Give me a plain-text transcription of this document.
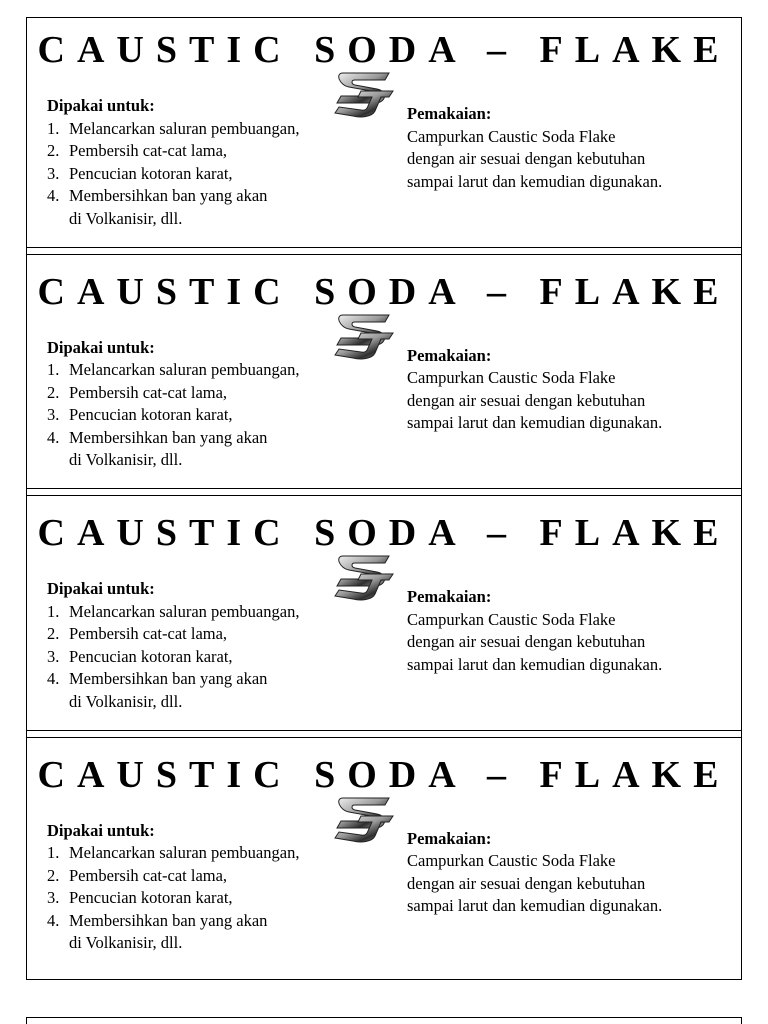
CAUSTIC SODA – FLAKE
Dipakai untuk:
1. Melancarkan saluran pembuangan,
2. Pembersih cat-cat lama,
3. Pencucian kotoran karat,
4. Membersihkan ban yang akan
di Volkanisir, dll.
Pemakaian:
Campurkan Caustic Soda Flake
dengan air sesuai dengan kebutuhan
sampai larut dan kemudian digunakan.
CAUSTIC SODA – FLAKE
Dipakai untuk:
1. Melancarkan saluran pembuangan,
2. Pembersih cat-cat lama,
3. Pencucian kotoran karat,
4. Membersihkan ban yang akan
di Volkanisir, dll.
Pemakaian:
Campurkan Caustic Soda Flake
dengan air sesuai dengan kebutuhan
sampai larut dan kemudian digunakan.
CAUSTIC SODA – FLAKE
Dipakai untuk:
1. Melancarkan saluran pembuangan,
2. Pembersih cat-cat lama,
3. Pencucian kotoran karat,
4. Membersihkan ban yang akan
di Volkanisir, dll.
Pemakaian:
Campurkan Caustic Soda Flake
dengan air sesuai dengan kebutuhan
sampai larut dan kemudian digunakan.
CAUSTIC SODA – FLAKE
Dipakai untuk:
1. Melancarkan saluran pembuangan,
2. Pembersih cat-cat lama,
3. Pencucian kotoran karat,
4. Membersihkan ban yang akan
di Volkanisir, dll.
Pemakaian:
Campurkan Caustic Soda Flake
dengan air sesuai dengan kebutuhan
sampai larut dan kemudian digunakan.
